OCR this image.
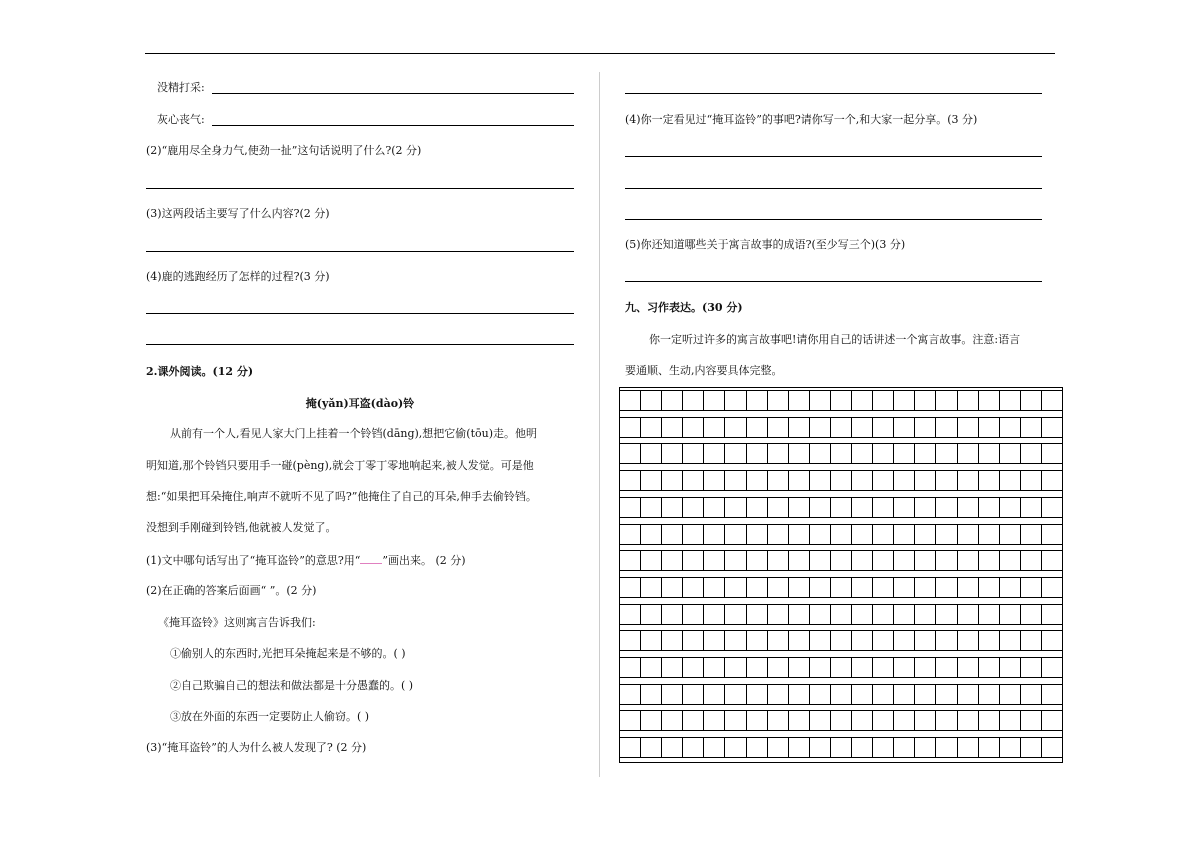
没精打采:
灰心丧气:
(2)“鹿用尽全身力气,使劲一扯”这句话说明了什么?(2 分)
(3)这两段话主要写了什么内容?(2 分)
(4)鹿的逃跑经历了怎样的过程?(3 分)
2.课外阅读。(12 分)
掩(yǎn)耳盗(dào)铃
从前有一个人,看见人家大门上挂着一个铃铛(dāng),想把它偷(tōu)走。他明
明知道,那个铃铛只要用手一碰(pèng),就会丁零丁零地响起来,被人发觉。可是他
想:“如果把耳朵掩住,响声不就听不见了吗?”他掩住了自己的耳朵,伸手去偷铃铛。
没想到手刚碰到铃铛,他就被人发觉了。
(1)文中哪句话写出了“掩耳盗铃”的意思?用“ ”画出来。 (2 分)
(2)在正确的答案后面画“ ”。(2 分)
《掩耳盗铃》这则寓言告诉我们:
①偷别人的东西时,光把耳朵掩起来是不够的。( )
②自己欺骗自己的想法和做法都是十分愚蠢的。( )
③放在外面的东西一定要防止人偷窃。( )
(3)“掩耳盗铃”的人为什么被人发现了? (2 分)
(4)你一定看见过“掩耳盗铃”的事吧?请你写一个,和大家一起分享。(3 分)
(5)你还知道哪些关于寓言故事的成语?(至少写三个)(3 分)
九、习作表达。(30 分)
你一定听过许多的寓言故事吧!请你用自己的话讲述一个寓言故事。注意:语言
要通顺、生动,内容要具体完整。
